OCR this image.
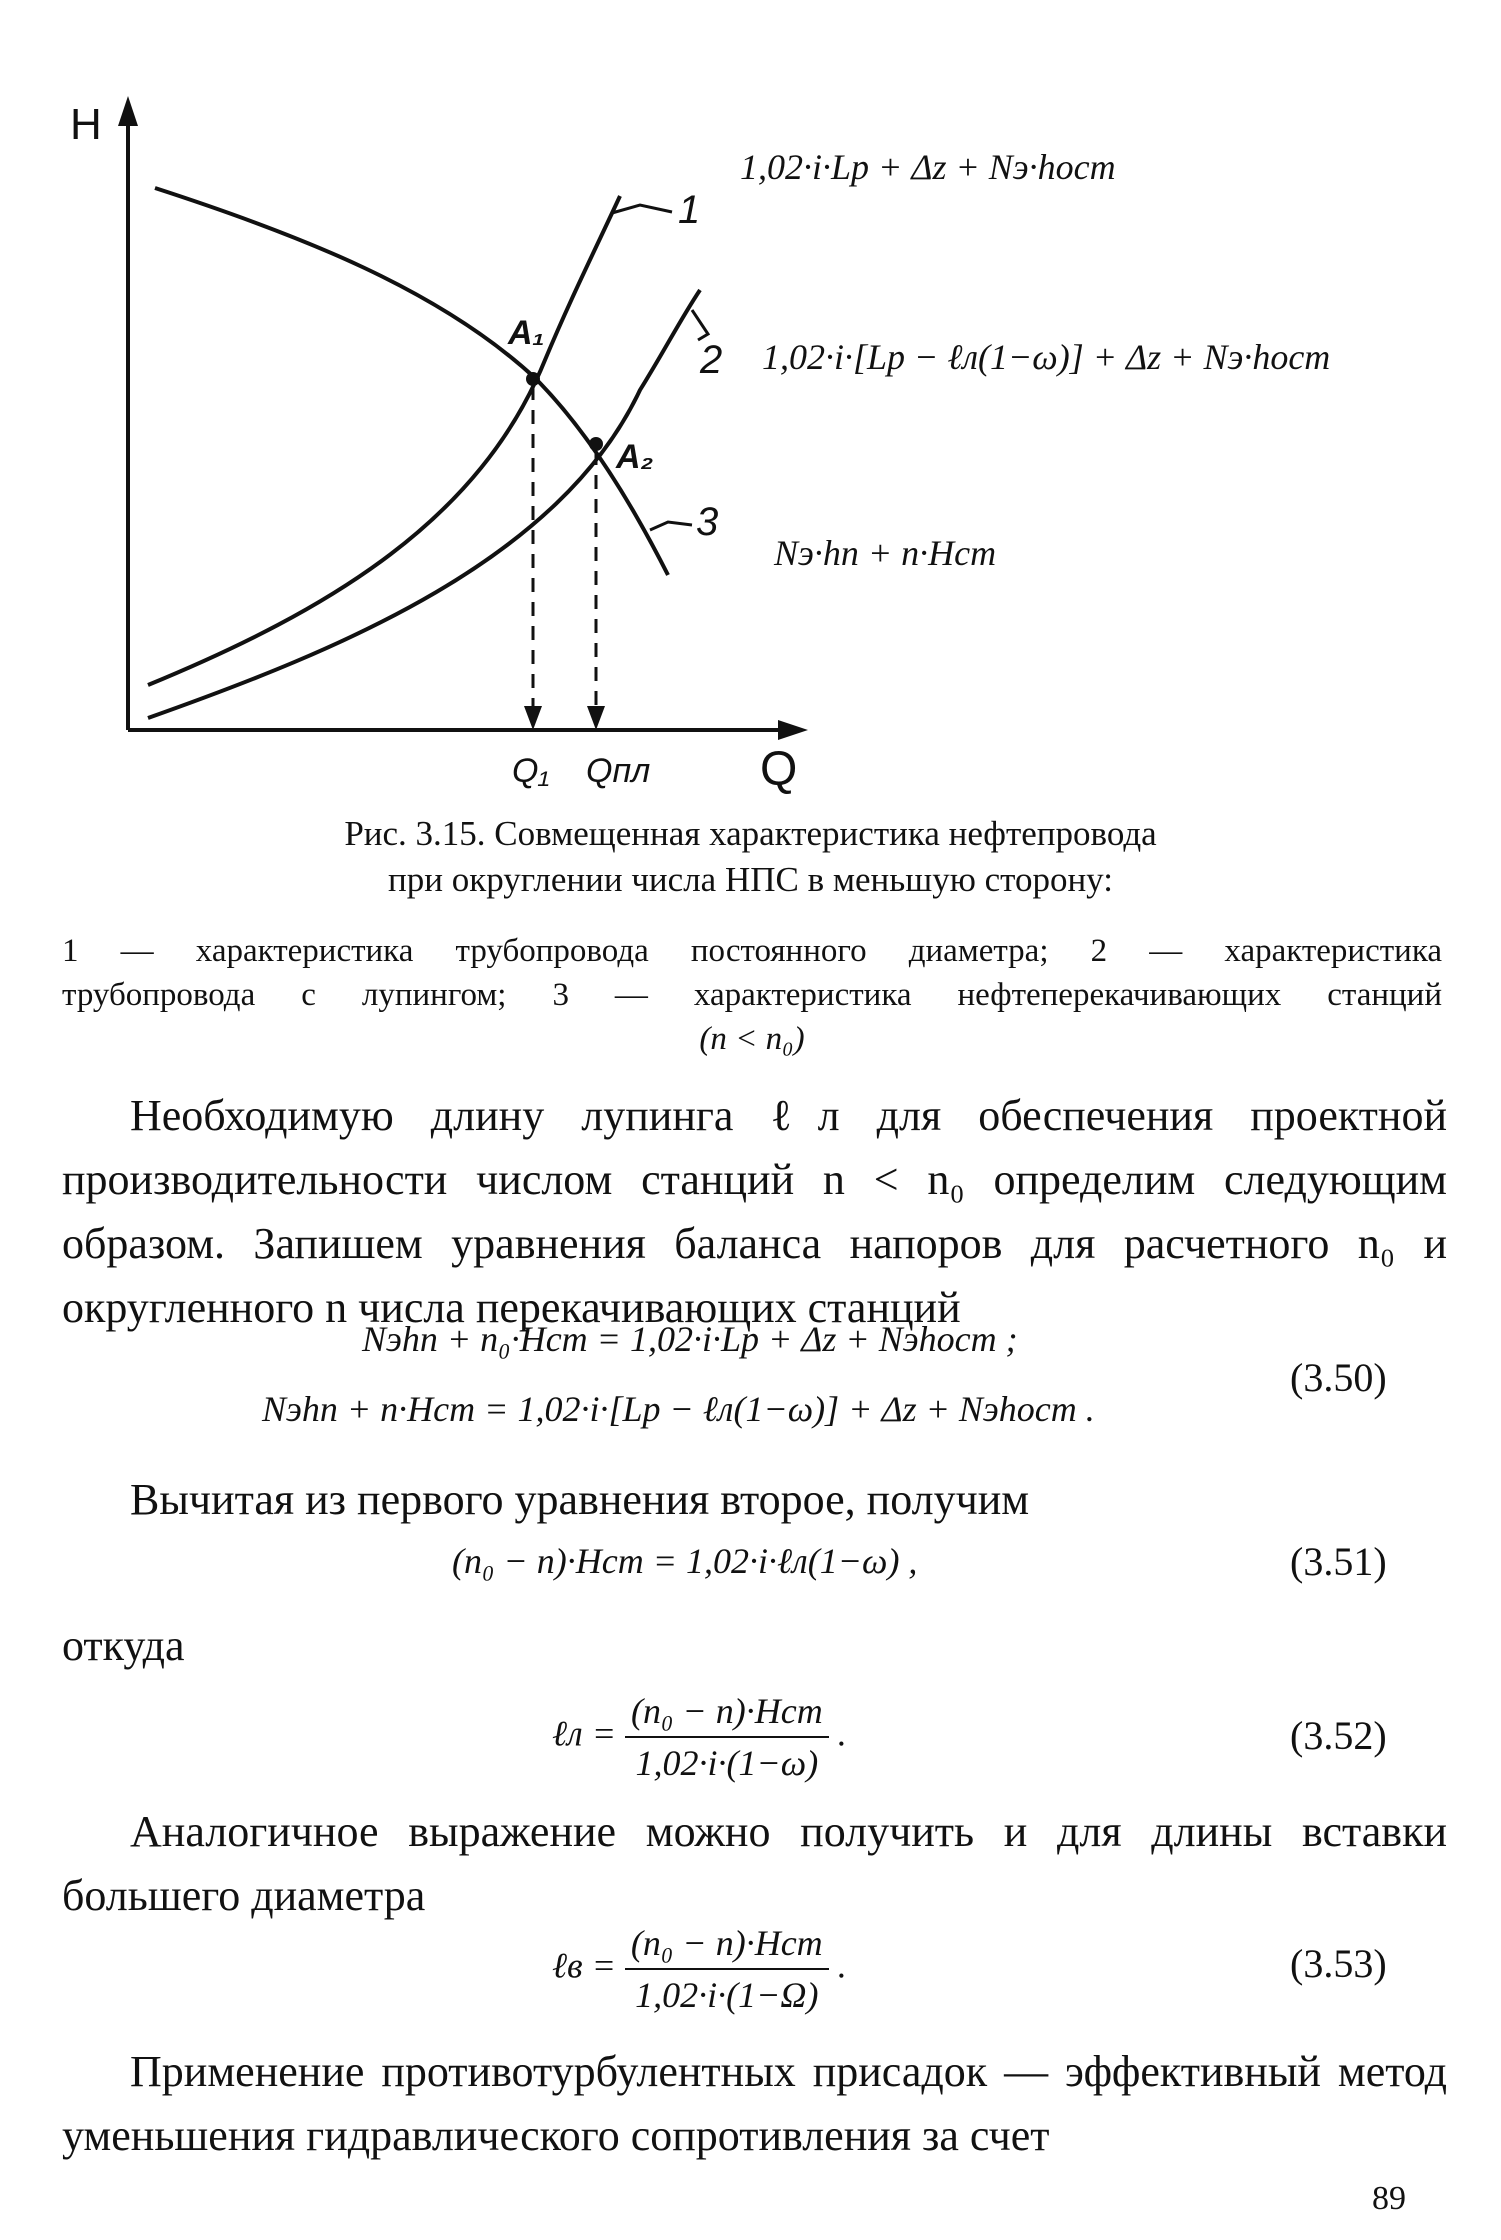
H
Q
1
2
3
A₁
A₂
Q₁ Qпл
1,02·i·Lр + Δz + Nэ·hост
1,02·i·[Lр − ℓл(1−ω)] + Δz + Nэ·hост
Nэ·hп + n·Hст
Рис. 3.15. Совмещенная характеристика нефтепровода
при округлении числа НПС в меньшую сторону:
1 — характеристика трубопровода постоянного диаметра; 2 — характеристика
трубопровода с лупингом; 3 — характеристика нефтеперекачивающих станций
(n < n₀)
Необходимую длину лупинга ℓл для обеспечения проектной производительности числом станций n < n₀ определим следующим образом. Запишем уравнения баланса напоров для расчетного n₀ и округленного n числа перекачивающих станций
Nэhп + n₀·Hст = 1,02·i·Lр + Δz + Nэhост ;
Nэhп + n·Hст = 1,02·i·[Lр − ℓл(1−ω)] + Δz + Nэhост .
(3.50)
Вычитая из первого уравнения второе, получим
(n₀ − n)·Hст = 1,02·i·ℓл(1−ω) ,	(3.51)
откуда
ℓл = $\frac{\text{(n₀ − n)·Hст}}{1,02\cdot i\cdot(1-\omega)}$ .	(3.52)
Аналогичное выражение можно получить и для длины вставки большего диаметра
ℓв = $\frac{\text{(n₀ − n)·Hст}}{1,02\cdot i\cdot(1-\Omega)}$ .	(3.53)
Применение противотурбулентных присадок — эффективный метод уменьшения гидравлического сопротивления за счет
89
